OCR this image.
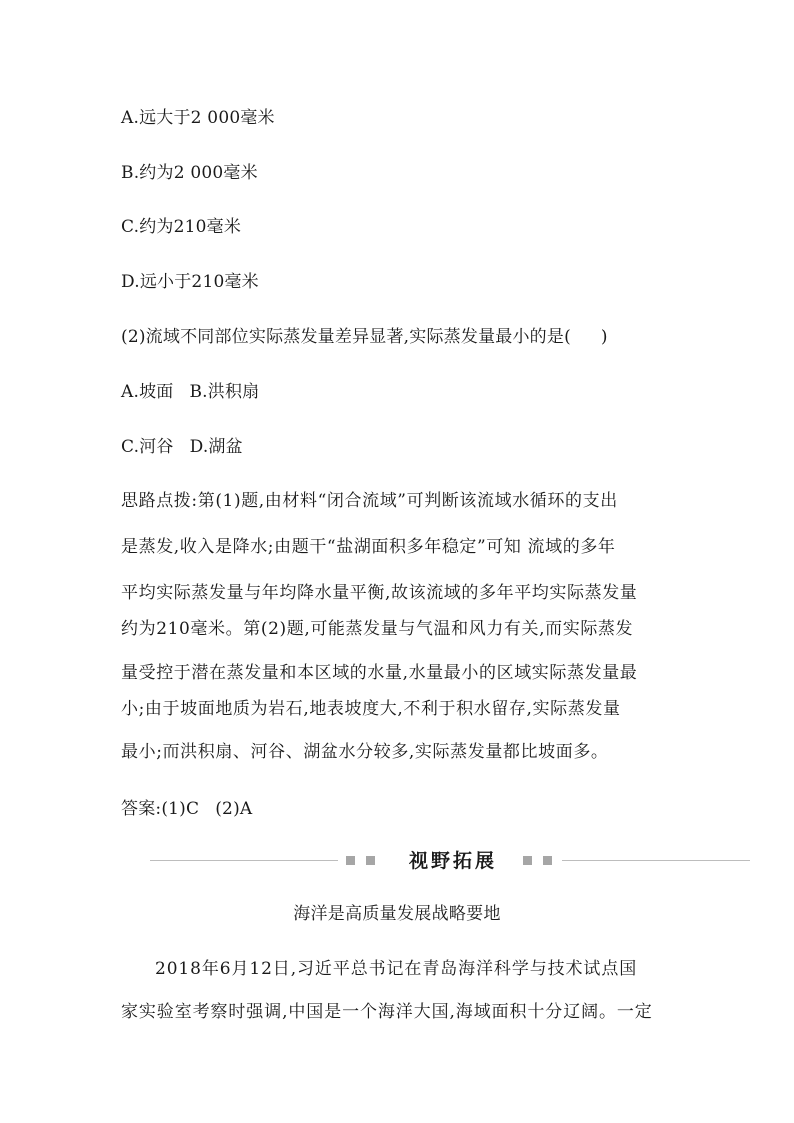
A.远大于2 000毫米
B.约为2 000毫米
C.约为210毫米
D.远小于210毫米
(2)流域不同部位实际蒸发量差异显著,实际蒸发量最小的是( )
A.坡面 B.洪积扇
C.河谷 D.湖盆
思路点拨:第(1)题,由材料“闭合流域”可判断该流域水循环的支出
是蒸发,收入是降水;由题干“盐湖面积多年稳定”可知 流域的多年
平均实际蒸发量与年均降水量平衡,故该流域的多年平均实际蒸发量
约为210毫米。第(2)题,可能蒸发量与气温和风力有关,而实际蒸发
量受控于潜在蒸发量和本区域的水量,水量最小的区域实际蒸发量最
小;由于坡面地质为岩石,地表坡度大,不利于积水留存,实际蒸发量
最小;而洪积扇、河谷、湖盆水分较多,实际蒸发量都比坡面多。
答案:(1)C (2)A
视野拓展
海洋是高质量发展战略要地
2018年6月12日,习近平总书记在青岛海洋科学与技术试点国
家实验室考察时强调,中国是一个海洋大国,海域面积十分辽阔。一定
